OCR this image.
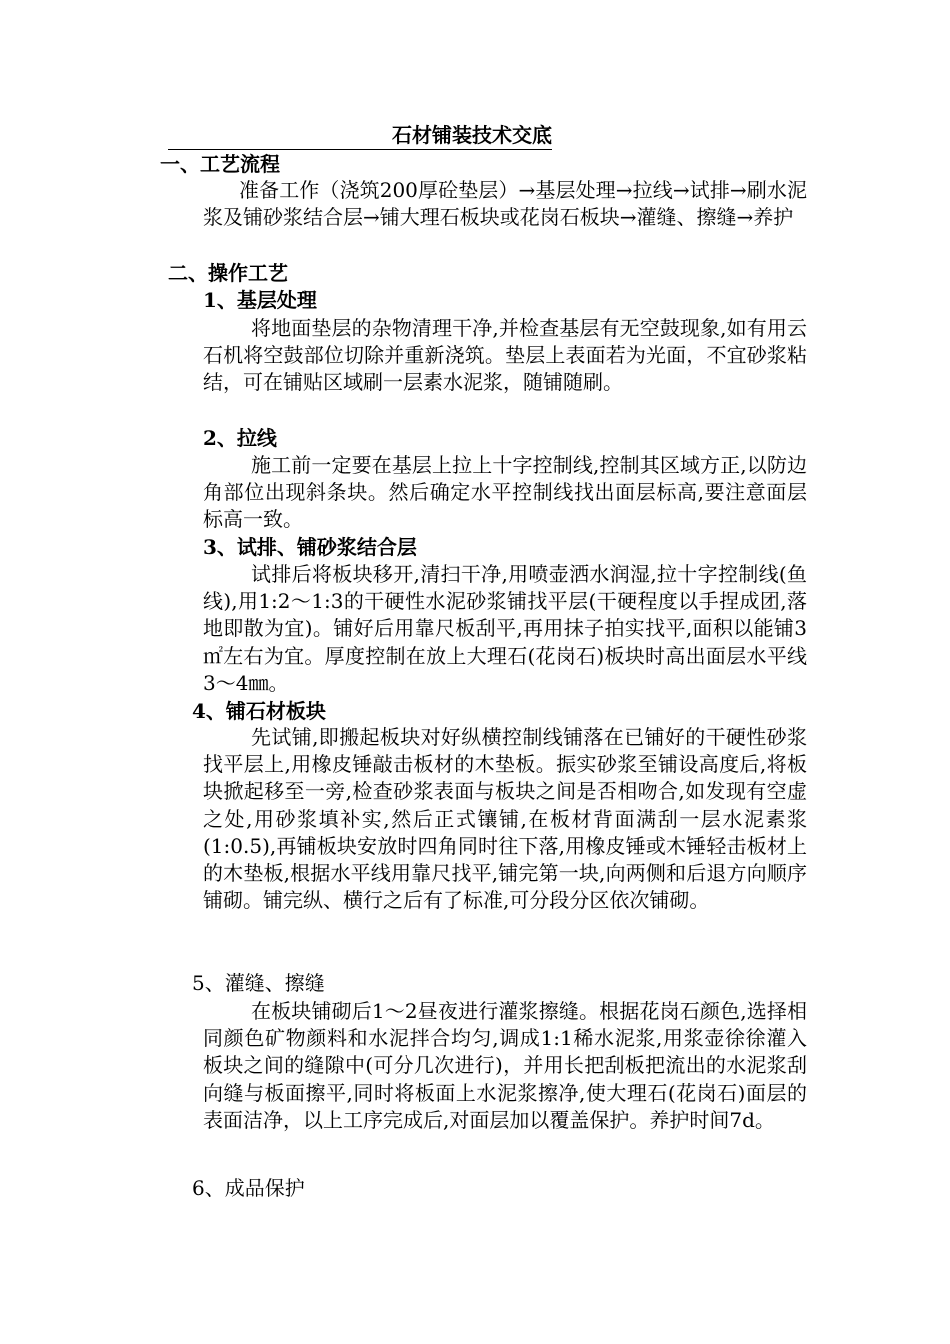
石材铺装技术交底
一、工艺流程

准备工作（浇筑200厚砼垫层）→基层处理→拉线→试排→刷水泥浆及铺砂浆结合层→铺大理石板块或花岗石板块→灌缝、擦缝→养护

二、操作工艺
1、基层处理

将地面垫层的杂物清理干净,并检查基层有无空鼓现象,如有用云石机将空鼓部位切除并重新浇筑。垫层上表面若为光面，不宜砂浆粘结，可在铺贴区域刷一层素水泥浆，随铺随刷。

2、拉线

施工前一定要在基层上拉上十字控制线,控制其区域方正,以防边角部位出现斜条块。然后确定水平控制线找出面层标高,要注意面层标高一致。

3、试排、铺砂浆结合层

试排后将板块移开,清扫干净,用喷壶洒水润湿,拉十字控制线(鱼线),用1:2～1:3的干硬性水泥砂浆铺找平层(干硬程度以手捏成团,落地即散为宜)。铺好后用靠尺板刮平,再用抹子拍实找平,面积以能铺3㎡左右为宜。厚度控制在放上大理石(花岗石)板块时高出面层水平线3～4㎜。

4、铺石材板块

先试铺,即搬起板块对好纵横控制线铺落在已铺好的干硬性砂浆找平层上,用橡皮锤敲击板材的木垫板。振实砂浆至铺设高度后,将板块掀起移至一旁,检查砂浆表面与板块之间是否相吻合,如发现有空虚之处,用砂浆填补实,然后正式镶铺,在板材背面满刮一层水泥素浆(1:0.5),再铺板块安放时四角同时往下落,用橡皮锤或木锤轻击板材上的木垫板,根据水平线用靠尺找平,铺完第一块,向两侧和后退方向顺序铺砌。铺完纵、横行之后有了标准,可分段分区依次铺砌。

5、灌缝、擦缝

在板块铺砌后1～2昼夜进行灌浆擦缝。根据花岗石颜色,选择相同颜色矿物颜料和水泥拌合均匀,调成1:1稀水泥浆,用浆壶徐徐灌入板块之间的缝隙中(可分几次进行)，并用长把刮板把流出的水泥浆刮向缝与板面擦平,同时将板面上水泥浆擦净,使大理石(花岗石)面层的表面洁净，以上工序完成后,对面层加以覆盖保护。养护时间7d。

6、成品保护
